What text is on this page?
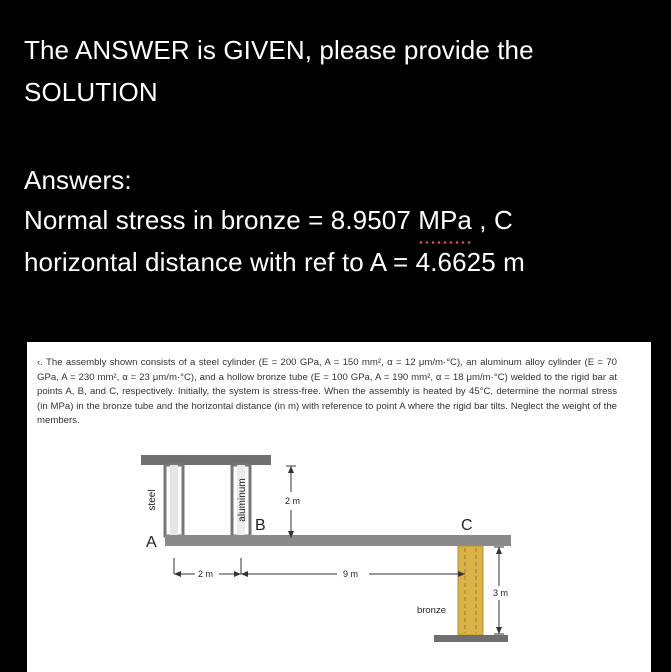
The ANSWER is GIVEN, please provide the
SOLUTION
Answers:
Normal stress in bronze = 8.9507 MPa
, C
horizontal distance with ref to A = 4.6625 m
‹. The assembly shown consists of a steel cylinder (E = 200 GPa, A = 150 mm², α = 12 μm/m·°C), an aluminum alloy cylinder (E = 70 GPa, A = 230 mm², α = 23 μm/m·°C), and a hollow bronze tube (E = 100 GPa, A = 190 mm², α = 18 μm/m·°C) welded to the rigid bar at points A, B, and C, respectively. Initially, the system is stress-free. When the assembly is heated by 45°C, determine the normal stress (in MPa) in the bronze tube and the horizontal distance (in m) with reference to point A where the rigid bar tilts. Neglect the weight of the members.
steel	aluminum
bronze
A
B	C
2 m
2 m	9 m
3 m
